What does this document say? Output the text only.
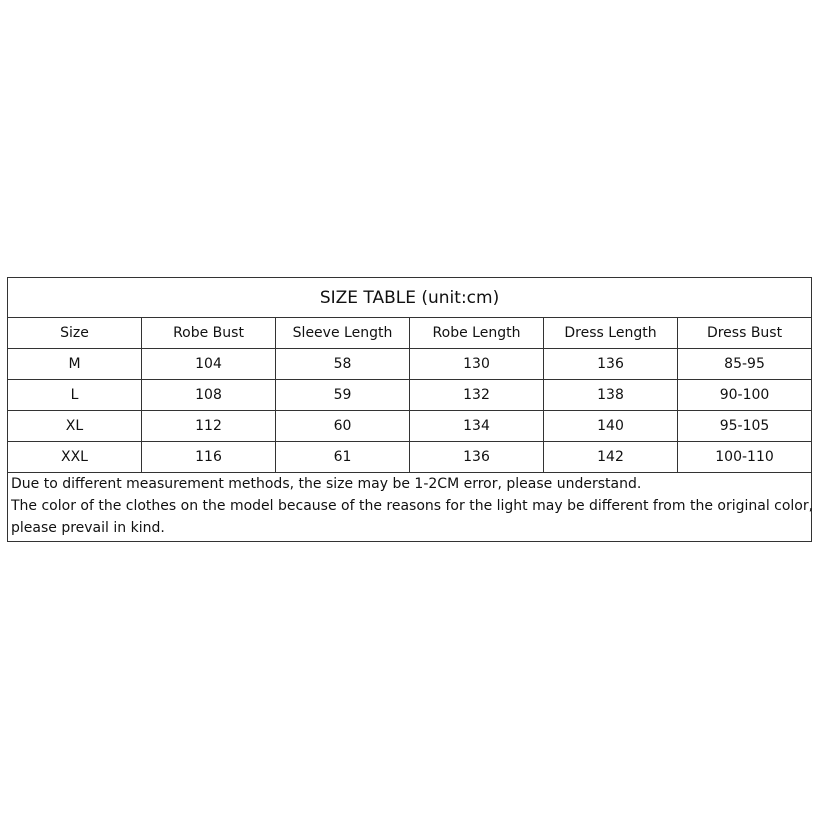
SIZE TABLE (unit:cm)					
Size	Robe Bust	Sleeve Length	Robe Length	Dress Length	Dress Bust
M	104	58	130	136	85-95
L	108	59	132	138	90-100
XL	112	60	134	140	95-105
XXL	116	61	136	142	100-110

Due to different measurement methods, the size may be 1-2CM error, please understand.
The color of the clothes on the model because of the reasons for the light may be different from the original color,
please prevail in kind.					
